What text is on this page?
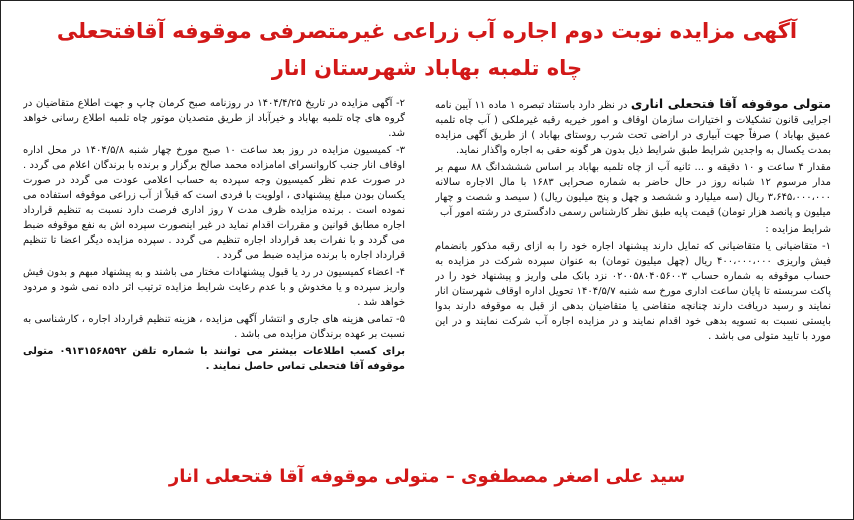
آگهی مزایده نوبت دوم اجاره آب زراعی غیرمتصرفی موقوفه آقافتحعلی
چاه تلمبه بهاباد شهرستان انار

متولی موقوفه آقا فتحعلی اناری در نظر دارد باستناد تبصره ۱ ماده ۱۱ آیین نامه اجرایی قانون تشکیلات و اختیارات سازمان اوقاف و امور خیریه رقبه غیرملکی ( آب چاه تلمبه عمیق بهاباد ) صرفاً جهت آبیاری در اراضی تحت شرب روستای بهاباد ) از طریق آگهی مزایده بمدت یکسال به واجدین شرایط طبق شرایط ذیل بدون هر گونه حقی به اجاره واگذار نماید.

مقدار ۴ ساعت و ۱۰ دقیقه و ... ثانیه آب از چاه تلمبه بهاباد بر اساس شششدانگ ۸۸ سهم بر مدار مرسوم ۱۲ شبانه روز در حال حاضر به شماره صحرایی ۱۶۸۳ با مال الاجاره سالانه ۳،۶۴۵،۰۰۰،۰۰۰ ریال (سه میلیارد و ششصد و چهل و پنج میلیون ریال) ( سیصد و شصت و چهار میلیون و پانصد هزار تومان) قیمت پایه طبق نظر کارشناس رسمی دادگستری در رشته امور آب

شرایط مزایده :

۱- متقاضیانی یا متقاضیانی که تمایل دارند پیشنهاد اجاره خود را به ازای رقبه مذکور بانضمام فیش واریزی ۴۰۰،۰۰۰،۰۰۰ ریال (چهل میلیون تومان) به عنوان سپرده شرکت در مزایده به حساب موقوفه به شماره حساب ۰۲۰۰۵۸۰۴۰۵۶۰۰۳ نزد بانک ملی واریز و پیشنهاد خود را در پاکت سربسته تا پایان ساعت اداری مورخ سه شنبه ۱۴۰۴/۵/۷ تحویل اداره اوقاف شهرستان انار نمایند و رسید دریافت دارند چنانچه متقاضی یا متقاضیان بدهی از قبل به موقوفه دارند بدوا بایستی نسبت به تسویه بدهی خود اقدام نمایند و در مزایده اجاره آب شرکت نمایند و در این مورد با تایید متولی می باشد .

۲- آگهی مزایده در تاریخ ۱۴۰۴/۴/۲۵ در روزنامه صبح کرمان چاپ و جهت اطلاع متقاضیان در گروه های چاه تلمبه بهاباد و خیرآباد از طریق متصدیان موتور چاه تلمبه اطلاع رسانی خواهد شد.

۳- کمیسیون مزایده در روز بعد ساعت ۱۰ صبح مورخ چهار شنبه ۱۴۰۴/۵/۸ در محل اداره اوقاف انار جنب کاروانسرای امامزاده محمد صالح برگزار و برنده با برندگان اعلام می گردد . در صورت عدم نظر کمیسیون وجه سپرده به حساب اعلامی عودت می گردد در صورت یکسان بودن مبلغ پیشنهادی ، اولویت با فردی است که قبلاً از آب زراعی موقوفه استفاده می نموده است . برنده مزایده ظرف مدت ۷ روز اداری فرصت دارد نسبت به تنظیم قرارداد اجاره مطابق قوانین و مقررات اقدام نماید در غیر اینصورت سپرده اش به نفع موقوفه ضبط می گردد و با نفرات بعد قرارداد اجاره تنظیم می گردد . سپرده مزایده دیگر اعضا تا تنظیم قرارداد اجاره با برنده مزایده ضبط می گردد .

۴- اعضاء کمیسیون در رد یا قبول پیشنهادات مختار می باشند و به پیشنهاد مبهم و بدون فیش واریز سپرده و یا مخدوش و با عدم رعایت شرایط مزایده ترتیب اثر داده نمی شود و مردود خواهد شد .

۵- تمامی هزینه های جاری و انتشار آگهی مزایده ، هزینه تنظیم قرارداد اجاره ، کارشناسی به نسبت بر عهده برندگان مزایده می باشد .

برای کسب اطلاعات بیشتر می توانند با شماره تلفن ۰۹۱۳۱۵۶۸۵۹۲ متولی موقوفه آقا فتحعلی تماس حاصل نمایند .

سید علی اصغر مصطفوی – متولی موقوفه آقا فتحعلی انار
